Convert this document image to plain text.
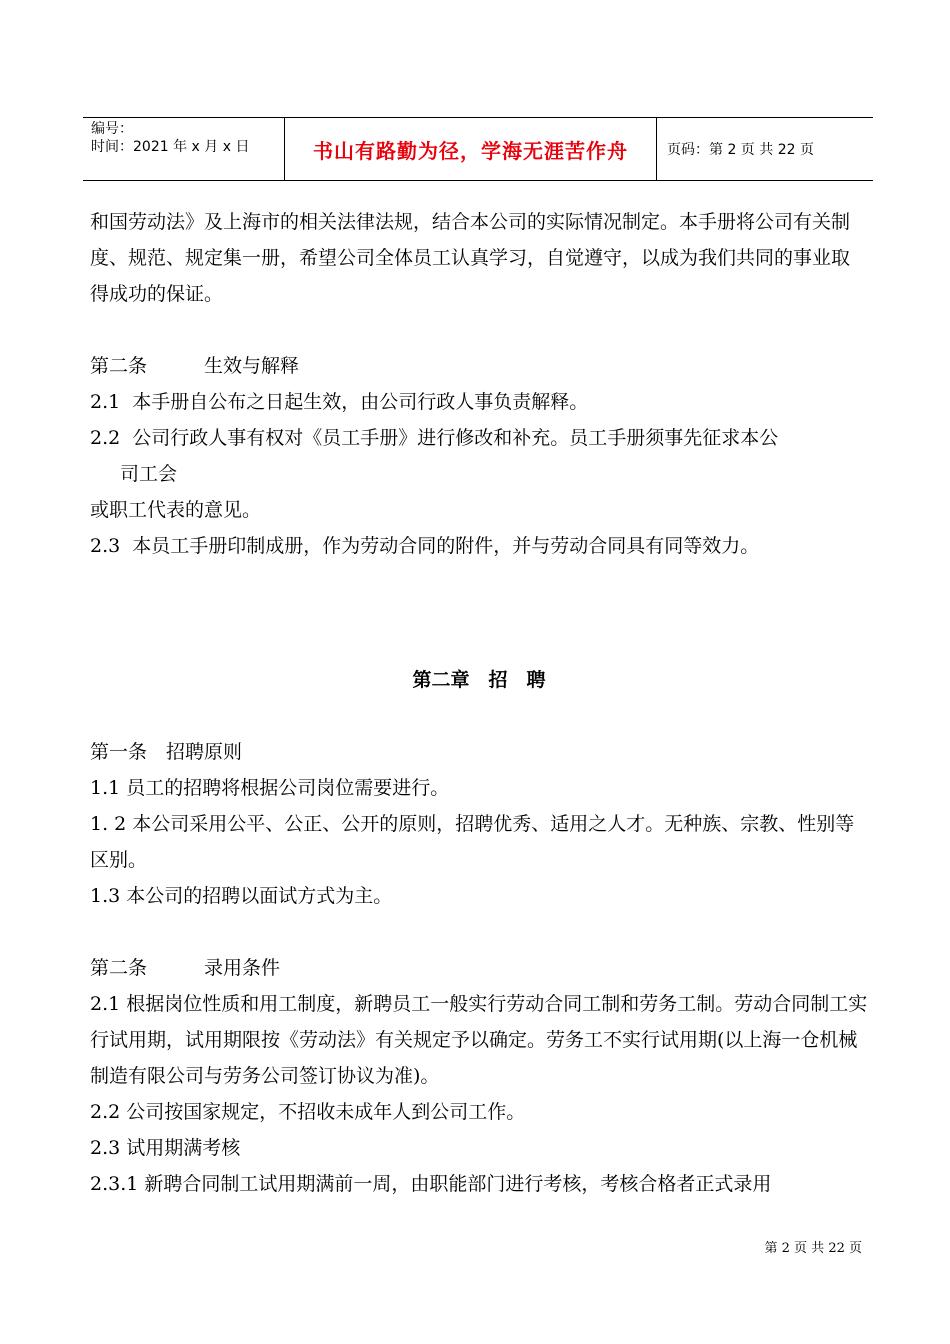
编号：
时间：2021 年 x 月 x 日	书山有路勤为径，学海无涯苦作舟	页码：第 2 页 共 22 页
和国劳动法》及上海市的相关法律法规，结合本公司的实际情况制定。本手册将公司有关制度、规范、规定集一册，希望公司全体员工认真学习，自觉遵守，以成为我们共同的事业取得成功的保证。
第二条　　　生效与解释
2.1  本手册自公布之日起生效，由公司行政人事负责解释。
2.2  公司行政人事有权对《员工手册》进行修改和补充。员工手册须事先征求本公
司工会
或职工代表的意见。
2.3  本员工手册印制成册，作为劳动合同的附件，并与劳动合同具有同等效力。
第二章　招　聘
第一条　招聘原则
1.1 员工的招聘将根据公司岗位需要进行。
1. 2 本公司采用公平、公正、公开的原则，招聘优秀、适用之人才。无种族、宗教、性别等区别。
1.3 本公司的招聘以面试方式为主。
第二条　　　录用条件
2.1 根据岗位性质和用工制度，新聘员工一般实行劳动合同工制和劳务工制。劳动合同制工实行试用期，试用期限按《劳动法》有关规定予以确定。劳务工不实行试用期(以上海一仓机械制造有限公司与劳务公司签订协议为准)。
2.2 公司按国家规定，不招收未成年人到公司工作。
2.3 试用期满考核
2.3.1 新聘合同制工试用期满前一周，由职能部门进行考核，考核合格者正式录用
第 2 页 共 22 页
